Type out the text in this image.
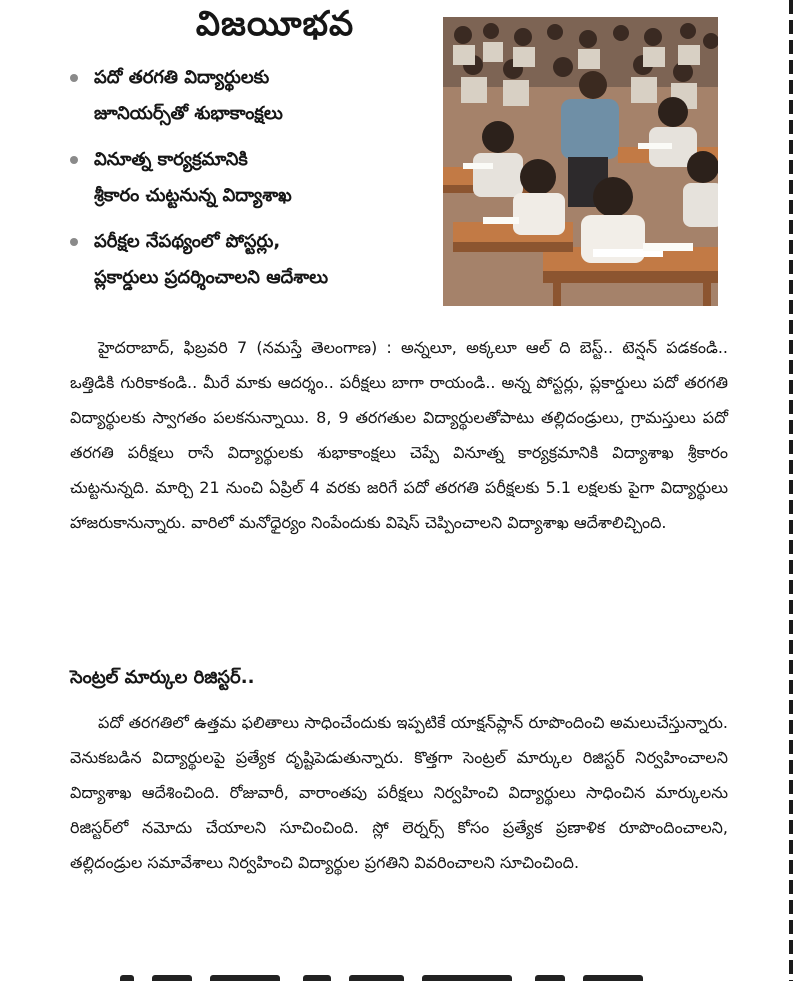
విజయీభవ
పదో తరగతి విద్యార్థులకు
జూనియర్స్‌తో శుభాకాంక్షలు
వినూత్న కార్యక్రమానికి
శ్రీకారం చుట్టనున్న విద్యాశాఖ
పరీక్షల నేపథ్యంలో పోస్టర్లు,
ప్లకార్డులు ప్రదర్శించాలని ఆదేశాలు

హైదరాబాద్, ఫిబ్రవరి 7 (నమస్తే తెలంగాణ) : అన్నలూ, అక్కలూ ఆల్ ది బెస్ట్.. టెన్షన్ పడకండి.. ఒత్తిడికి గురికాకండి.. మీరే మాకు ఆదర్శం.. పరీక్షలు బాగా రాయండి.. అన్న పోస్టర్లు, ప్లకార్డులు పదో తరగతి విద్యార్థులకు స్వాగతం పలకనున్నాయి. 8, 9 తరగతుల విద్యార్థులతోపాటు తల్లిదండ్రులు, గ్రామస్తులు పదో తరగతి పరీక్షలు రాసే విద్యార్థులకు శుభాకాంక్షలు చెప్పే వినూత్న కార్యక్రమానికి విద్యాశాఖ శ్రీకారం చుట్టనున్నది. మార్చి 21 నుంచి ఏప్రిల్ 4 వరకు జరిగే పదో తరగతి పరీక్షలకు 5.1 లక్షలకు పైగా విద్యార్థులు హాజరుకానున్నారు. వారిలో మనోధైర్యం నింపేందుకు విషెస్ చెప్పించాలని విద్యాశాఖ ఆదేశాలిచ్చింది.

సెంట్రల్ మార్కుల రిజిస్టర్..

పదో తరగతిలో ఉత్తమ ఫలితాలు సాధించేందుకు ఇప్పటికే యాక్షన్‌ప్లాన్ రూపొందించి అమలుచేస్తున్నారు. వెనుకబడిన విద్యార్థులపై ప్రత్యేక దృష్టిపెడుతున్నారు. కొత్తగా సెంట్రల్ మార్కుల రిజిస్టర్ నిర్వహించాలని విద్యాశాఖ ఆదేశించింది. రోజువారీ, వారాంతపు పరీక్షలు నిర్వహించి విద్యార్థులు సాధించిన మార్కులను రిజిస్టర్‌లో నమోదు చేయాలని సూచించింది. స్లో లెర్నర్స్ కోసం ప్రత్యేక ప్రణాళిక రూపొందించాలని, తల్లిదండ్రుల సమావేశాలు నిర్వహించి విద్యార్థుల ప్రగతిని వివరించాలని సూచించింది.
